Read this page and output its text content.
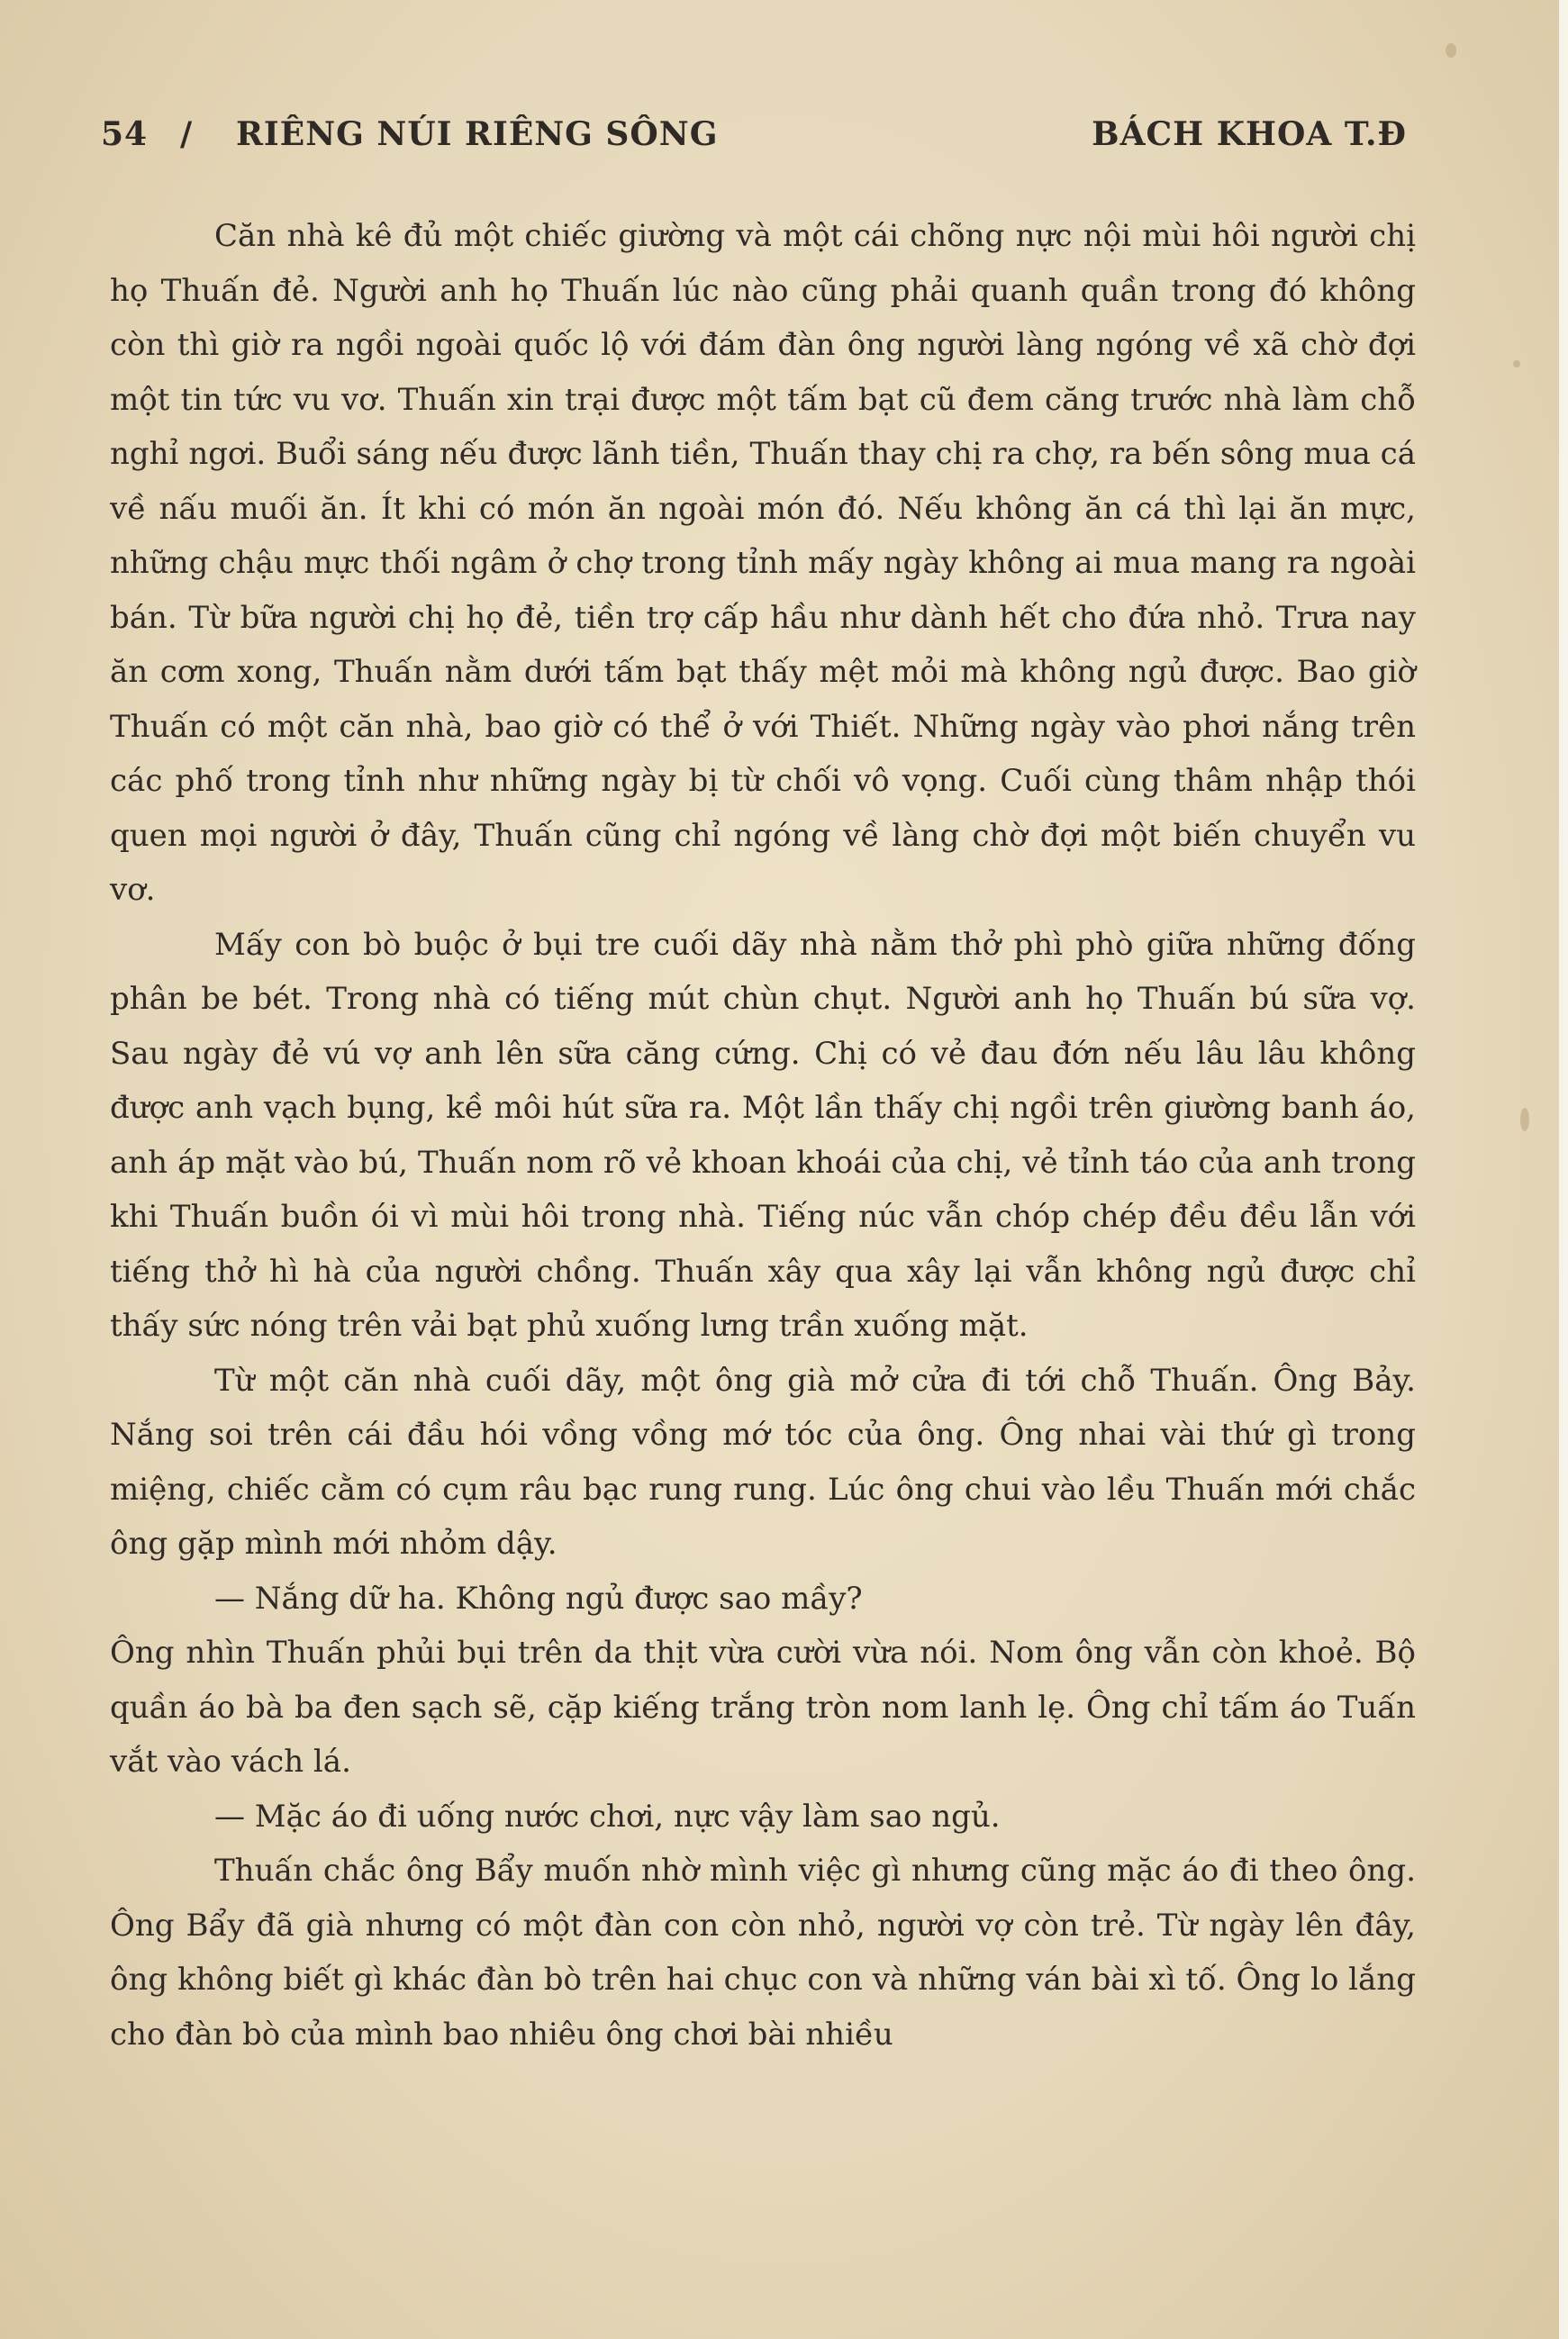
54 / RIÊNG NÚI RIÊNG SÔNG	BÁCH KHOA T.Đ

Căn nhà kê đủ một chiếc giường và một cái chõng nực nội mùi hôi người chị họ Thuấn đẻ. Người anh họ Thuấn lúc nào cũng phải quanh quần trong đó không còn thì giờ ra ngồi ngoài quốc lộ với đám đàn ông người làng ngóng về xã chờ đợi một tin tức vu vơ. Thuấn xin trại được một tấm bạt cũ đem căng trước nhà làm chỗ nghỉ ngơi. Buổi sáng nếu được lãnh tiền, Thuấn thay chị ra chợ, ra bến sông mua cá về nấu muối ăn. Ít khi có món ăn ngoài món đó. Nếu không ăn cá thì lại ăn mực, những chậu mực thối ngâm ở chợ trong tỉnh mấy ngày không ai mua mang ra ngoài bán. Từ bữa người chị họ đẻ, tiền trợ cấp hầu như dành hết cho đứa nhỏ. Trưa nay ăn cơm xong, Thuấn nằm dưới tấm bạt thấy mệt mỏi mà không ngủ được. Bao giờ Thuấn có một căn nhà, bao giờ có thể ở với Thiết. Những ngày vào phơi nắng trên các phố trong tỉnh như những ngày bị từ chối vô vọng. Cuối cùng thâm nhập thói quen mọi người ở đây, Thuấn cũng chỉ ngóng về làng chờ đợi một biến chuyển vu vơ.

Mấy con bò buộc ở bụi tre cuối dãy nhà nằm thở phì phò giữa những đống phân be bét. Trong nhà có tiếng mút chùn chụt. Người anh họ Thuấn bú sữa vợ. Sau ngày đẻ vú vợ anh lên sữa căng cứng. Chị có vẻ đau đớn nếu lâu lâu không được anh vạch bụng, kề môi hút sữa ra. Một lần thấy chị ngồi trên giường banh áo, anh áp mặt vào bú, Thuấn nom rõ vẻ khoan khoái của chị, vẻ tỉnh táo của anh trong khi Thuấn buồn ói vì mùi hôi trong nhà. Tiếng núc vẫn chóp chép đều đều lẫn với tiếng thở hì hà của người chồng. Thuấn xây qua xây lại vẫn không ngủ được chỉ thấy sức nóng trên vải bạt phủ xuống lưng trần xuống mặt.

Từ một căn nhà cuối dãy, một ông già mở cửa đi tới chỗ Thuấn. Ông Bảy. Nắng soi trên cái đầu hói vồng vồng mớ tóc của ông. Ông nhai vài thứ gì trong miệng, chiếc cằm có cụm râu bạc rung rung. Lúc ông chui vào lều Thuấn mới chắc ông gặp mình mới nhỏm dậy.

— Nắng dữ ha. Không ngủ được sao mầy?

Ông nhìn Thuấn phủi bụi trên da thịt vừa cười vừa nói. Nom ông vẫn còn khoẻ. Bộ quần áo bà ba đen sạch sẽ, cặp kiếng trắng tròn nom lanh lẹ. Ông chỉ tấm áo Tuấn vắt vào vách lá.

— Mặc áo đi uống nước chơi, nực vậy làm sao ngủ.

Thuấn chắc ông Bẩy muốn nhờ mình việc gì nhưng cũng mặc áo đi theo ông. Ông Bẩy đã già nhưng có một đàn con còn nhỏ, người vợ còn trẻ. Từ ngày lên đây, ông không biết gì khác đàn bò trên hai chục con và những ván bài xì tố. Ông lo lắng cho đàn bò của mình bao nhiêu ông chơi bài nhiều
